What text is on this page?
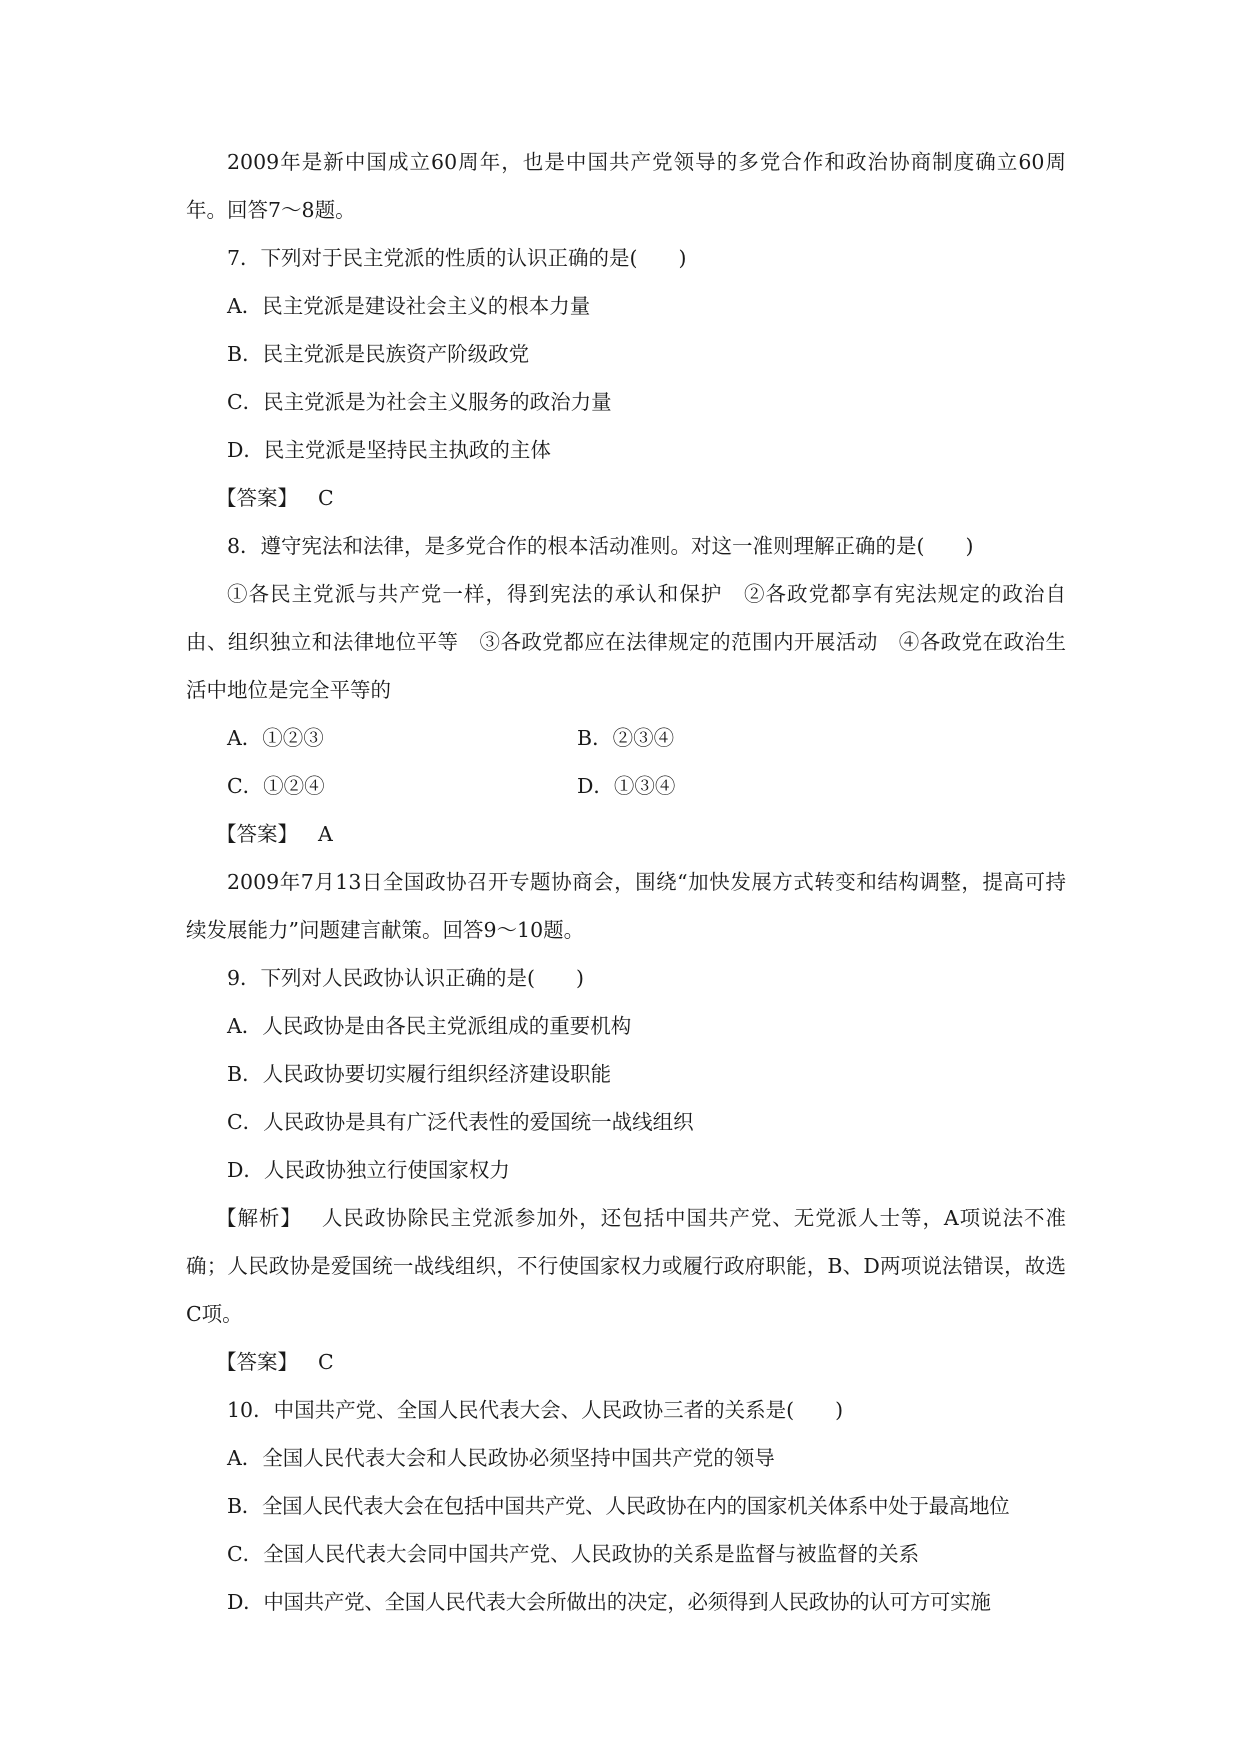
2009年是新中国成立60周年，也是中国共产党领导的多党合作和政治协商制度确立60周年。回答7～8题。

7．下列对于民主党派的性质的认识正确的是(　　)
A．民主党派是建设社会主义的根本力量
B．民主党派是民族资产阶级政党
C．民主党派是为社会主义服务的政治力量
D．民主党派是坚持民主执政的主体
【答案】 C
8．遵守宪法和法律，是多党合作的根本活动准则。对这一准则理解正确的是(　　)

①各民主党派与共产党一样，得到宪法的承认和保护　②各政党都享有宪法规定的政治自由、组织独立和法律地位平等　③各政党都应在法律规定的范围内开展活动　④各政党在政治生活中地位是完全平等的

A．①②③	B．②③④
C．①②④	D．①③④
【答案】 A

2009年7月13日全国政协召开专题协商会，围绕“加快发展方式转变和结构调整，提高可持续发展能力”问题建言献策。回答9～10题。

9．下列对人民政协认识正确的是(　　)
A．人民政协是由各民主党派组成的重要机构
B．人民政协要切实履行组织经济建设职能
C．人民政协是具有广泛代表性的爱国统一战线组织
D．人民政协独立行使国家权力

【解析】 人民政协除民主党派参加外，还包括中国共产党、无党派人士等，A项说法不准确；人民政协是爱国统一战线组织，不行使国家权力或履行政府职能，B、D两项说法错误，故选C项。

【答案】 C
10．中国共产党、全国人民代表大会、人民政协三者的关系是(　　)
A．全国人民代表大会和人民政协必须坚持中国共产党的领导
B．全国人民代表大会在包括中国共产党、人民政协在内的国家机关体系中处于最高地位
C．全国人民代表大会同中国共产党、人民政协的关系是监督与被监督的关系
D．中国共产党、全国人民代表大会所做出的决定，必须得到人民政协的认可方可实施
